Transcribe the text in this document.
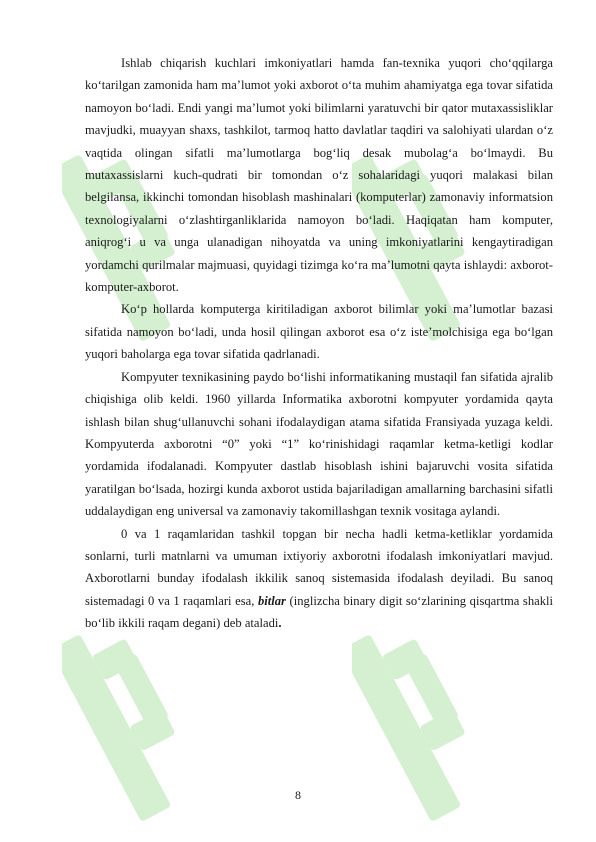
Ishlab chiqarish kuchlari imkoniyatlari hamda fan-texnika yuqori cho‘qqilarga ko‘tarilgan zamonida ham ma’lumot yoki axborot o‘ta muhim ahamiyatga ega tovar sifatida namoyon bo‘ladi. Endi yangi ma’lumot yoki bilimlarni yaratuvchi bir qator mutaxassisliklar mavjudki, muayyan shaxs, tashkilot, tarmoq hatto davlatlar taqdiri va salohiyati ulardan o‘z vaqtida olingan sifatli ma’lumotlarga bog‘liq desak mubolag‘a bo‘lmaydi. Bu mutaxassislarni kuch-qudrati bir tomondan o‘z sohalaridagi yuqori malakasi bilan belgilansa, ikkinchi tomondan hisoblash mashinalari (komputerlar) zamonaviy informatsion texnologiyalarni o‘zlashtirganliklarida namoyon bo‘ladi. Haqiqatan ham komputer, aniqrog‘i u va unga ulanadigan nihoyatda va uning imkoniyatlarini kengaytiradigan yordamchi qurilmalar majmuasi, quyidagi tizimga ko‘ra ma’lumotni qayta ishlaydi: axborot-komputer-axborot.

Ko‘p hollarda komputerga kiritiladigan axborot bilimlar yoki ma’lumotlar bazasi sifatida namoyon bo‘ladi, unda hosil qilingan axborot esa o‘z iste’molchisiga ega bo‘lgan yuqori baholarga ega tovar sifatida qadrlanadi.

Kompyuter texnikasining paydo bo‘lishi informatikaning mustaqil fan sifatida ajralib chiqishiga olib keldi. 1960 yillarda Informatika axborotni kompyuter yordamida qayta ishlash bilan shug‘ullanuvchi sohani ifodalaydigan atama sifatida Fransiyada yuzaga keldi. Kompyuterda axborotni “0” yoki “1” ko‘rinishidagi raqamlar ketma-ketligi kodlar yordamida ifodalanadi. Kompyuter dastlab hisoblash ishini bajaruvchi vosita sifatida yaratilgan bo‘lsada, hozirgi kunda axborot ustida bajariladigan amallarning barchasini sifatli uddalaydigan eng universal va zamonaviy takomillashgan texnik vositaga aylandi.

0 va 1 raqamlaridan tashkil topgan bir necha hadli ketma-ketliklar yordamida sonlarni, turli matnlarni va umuman ixtiyoriy axborotni ifodalash imkoniyatlari mavjud. Axborotlarni bunday ifodalash ikkilik sanoq sistemasida ifodalash deyiladi. Bu sanoq sistemadagi 0 va 1 raqamlari esa, bitlar (inglizcha binary digit so‘zlarining qisqartma shakli bo‘lib ikkili raqam degani) deb ataladi.

8
